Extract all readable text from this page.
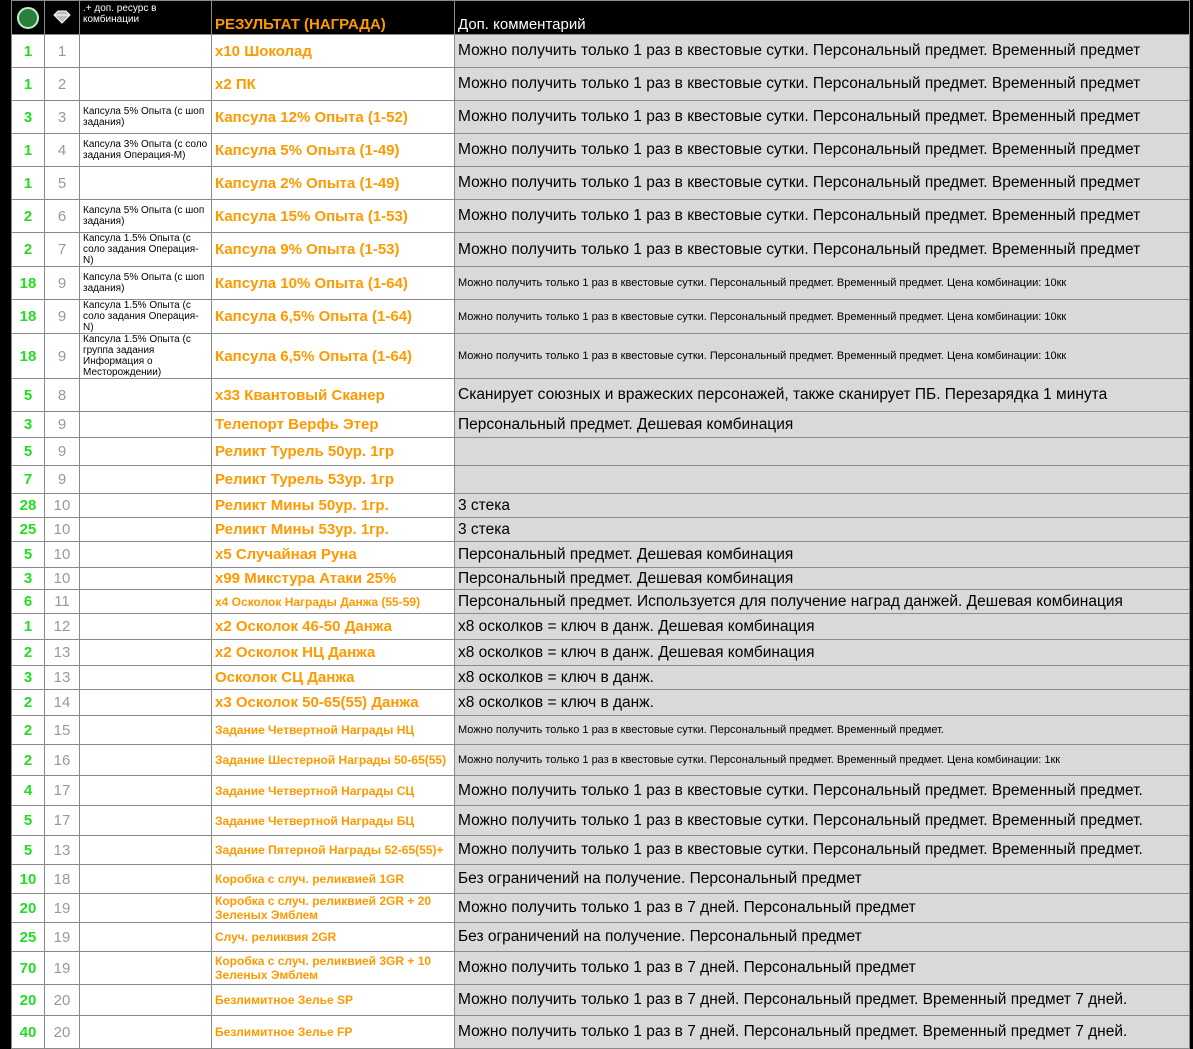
		.+ доп. ресурс в комбинации	РЕЗУЛЬТАТ (НАГРАДА)	Доп. комментарий
1	1		x10 Шоколад	Можно получить только 1 раз в квестовые сутки. Персональный предмет. Временный предмет
1	2		x2 ПК	Можно получить только 1 раз в квестовые сутки. Персональный предмет. Временный предмет
3	3	Капсула 5% Опыта (с шоп задания)	Капсула 12% Опыта (1-52)	Можно получить только 1 раз в квестовые сутки. Персональный предмет. Временный предмет
1	4	Капсула 3% Опыта (с соло задания Операция-М)	Капсула 5% Опыта (1-49)	Можно получить только 1 раз в квестовые сутки. Персональный предмет. Временный предмет
1	5		Капсула 2% Опыта (1-49)	Можно получить только 1 раз в квестовые сутки. Персональный предмет. Временный предмет
2	6	Капсула 5% Опыта (с шоп задания)	Капсула 15% Опыта (1-53)	Можно получить только 1 раз в квестовые сутки. Персональный предмет. Временный предмет
2	7	Капсула 1.5% Опыта (с соло задания Операция-N)	Капсула 9% Опыта (1-53)	Можно получить только 1 раз в квестовые сутки. Персональный предмет. Временный предмет
18	9	Капсула 5% Опыта (с шоп задания)	Капсула 10% Опыта (1-64)	Можно получить только 1 раз в квестовые сутки. Персональный предмет. Временный предмет. Цена комбинации: 10кк
18	9	Капсула 1.5% Опыта (с соло задания Операция-N)	Капсула 6,5% Опыта (1-64)	Можно получить только 1 раз в квестовые сутки. Персональный предмет. Временный предмет. Цена комбинации: 10кк
18	9	Капсула 1.5% Опыта (с группа задания Информация о Месторождении)	Капсула 6,5% Опыта (1-64)	Можно получить только 1 раз в квестовые сутки. Персональный предмет. Временный предмет. Цена комбинации: 10кк
5	8		x33 Квантовый Сканер	Сканирует союзных и вражеских персонажей, также сканирует ПБ. Перезарядка 1 минута
3	9		Телепорт Верфь Этер	Персональный предмет. Дешевая комбинация
5	9		Реликт Турель 50ур. 1гр	
7	9		Реликт Турель 53ур. 1гр	
28	10		Реликт Мины 50ур. 1гр.	3 стека
25	10		Реликт Мины 53ур. 1гр.	3 стека
5	10		x5 Случайная Руна	Персональный предмет. Дешевая комбинация
3	10		x99 Микстура Атаки 25%	Персональный предмет. Дешевая комбинация
6	11		x4 Осколок Награды Данжа (55-59)	Персональный предмет. Используется для получение наград данжей. Дешевая комбинация
1	12		x2 Осколок 46-50 Данжа	x8 осколков = ключ в данж. Дешевая комбинация
2	13		x2 Осколок НЦ Данжа	x8 осколков = ключ в данж. Дешевая комбинация
3	13		Осколок СЦ Данжа	x8 осколков = ключ в данж.
2	14		x3 Осколок 50-65(55) Данжа	x8 осколков = ключ в данж.
2	15		Задание Четвертной Награды НЦ	Можно получить только 1 раз в квестовые сутки. Персональный предмет. Временный предмет.
2	16		Задание Шестерной Награды 50-65(55)	Можно получить только 1 раз в квестовые сутки. Персональный предмет. Временный предмет. Цена комбинации: 1кк
4	17		Задание Четвертной Награды СЦ	Можно получить только 1 раз в квестовые сутки. Персональный предмет. Временный предмет.
5	17		Задание Четвертной Награды БЦ	Можно получить только 1 раз в квестовые сутки. Персональный предмет. Временный предмет.
5	13		Задание Пятерной Награды 52-65(55)+	Можно получить только 1 раз в квестовые сутки. Персональный предмет. Временный предмет.
10	18		Коробка с случ. реликвией 1GR	Без ограничений на получение. Персональный предмет
20	19		Коробка с случ. реликвией 2GR + 20 Зеленых Эмблем	Можно получить только 1 раз в 7 дней. Персональный предмет
25	19		Случ. реликвия 2GR	Без ограничений на получение. Персональный предмет
70	19		Коробка с случ. реликвией 3GR + 10 Зеленых Эмблем	Можно получить только 1 раз в 7 дней. Персональный предмет
20	20		Безлимитное Зелье SP	Можно получить только 1 раз в 7 дней. Персональный предмет. Временный предмет 7 дней.
40	20		Безлимитное Зелье FP	Можно получить только 1 раз в 7 дней. Персональный предмет. Временный предмет 7 дней.
